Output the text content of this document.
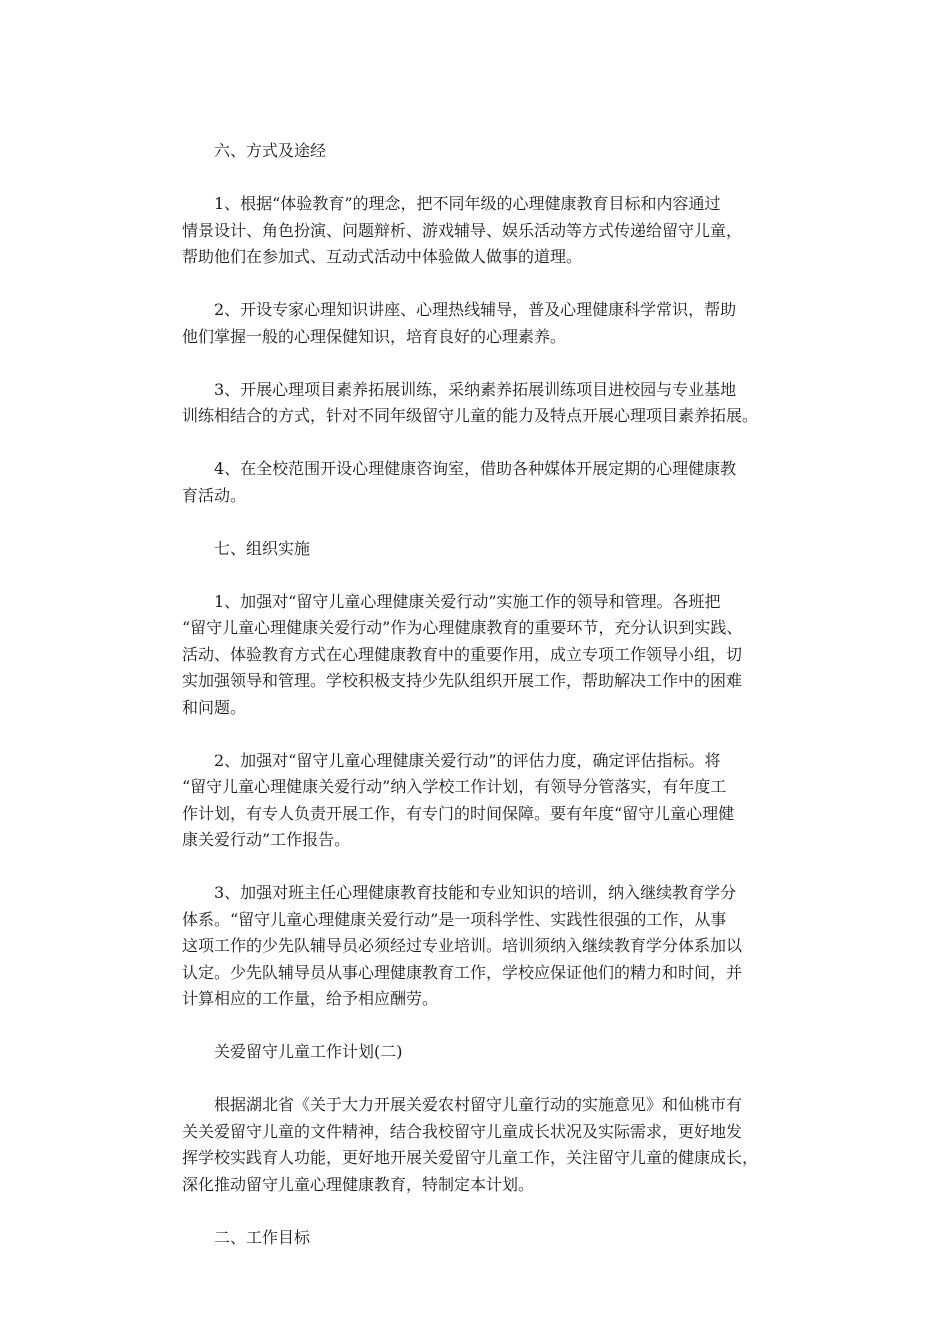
六、方式及途经

1、根据“体验教育”的理念，把不同年级的心理健康教育目标和内容通过
情景设计、角色扮演、问题辩析、游戏辅导、娱乐活动等方式传递给留守儿童，
帮助他们在参加式、互动式活动中体验做人做事的道理。

2、开设专家心理知识讲座、心理热线辅导，普及心理健康科学常识，帮助
他们掌握一般的心理保健知识，培育良好的心理素养。

3、开展心理项目素养拓展训练，采纳素养拓展训练项目进校园与专业基地
训练相结合的方式，针对不同年级留守儿童的能力及特点开展心理项目素养拓展。

4、在全校范围开设心理健康咨询室，借助各种媒体开展定期的心理健康教
育活动。

七、组织实施

1、加强对“留守儿童心理健康关爱行动”实施工作的领导和管理。各班把
“留守儿童心理健康关爱行动”作为心理健康教育的重要环节，充分认识到实践、
活动、体验教育方式在心理健康教育中的重要作用，成立专项工作领导小组，切
实加强领导和管理。学校积极支持少先队组织开展工作，帮助解决工作中的困难
和问题。

2、加强对“留守儿童心理健康关爱行动”的评估力度，确定评估指标。将
“留守儿童心理健康关爱行动”纳入学校工作计划，有领导分管落实，有年度工
作计划，有专人负责开展工作，有专门的时间保障。要有年度“留守儿童心理健
康关爱行动”工作报告。

3、加强对班主任心理健康教育技能和专业知识的培训，纳入继续教育学分
体系。“留守儿童心理健康关爱行动”是一项科学性、实践性很强的工作，从事
这项工作的少先队辅导员必须经过专业培训。培训须纳入继续教育学分体系加以
认定。少先队辅导员从事心理健康教育工作，学校应保证他们的精力和时间，并
计算相应的工作量，给予相应酬劳。

关爱留守儿童工作计划(二)

根据湖北省《关于大力开展关爱农村留守儿童行动的实施意见》和仙桃市有
关关爱留守儿童的文件精神，结合我校留守儿童成长状况及实际需求，更好地发
挥学校实践育人功能，更好地开展关爱留守儿童工作，关注留守儿童的健康成长，
深化推动留守儿童心理健康教育，特制定本计划。

二、工作目标
